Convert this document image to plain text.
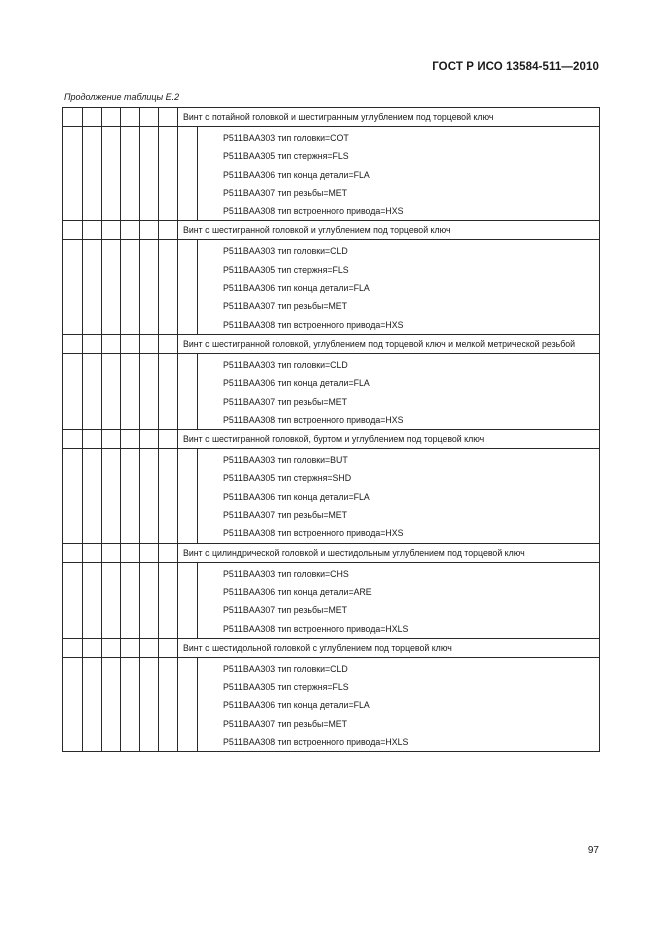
ГОСТ Р ИСО 13584-511—2010
Продолжение таблицы Е.2
						Винт с потайной головкой и шестигранным углублением под торцевой ключ	
							P511BAA303 тип головки=COT
							P511BAA305 тип стержня=FLS
							P511BAA306 тип конца детали=FLA
							P511BAA307 тип резьбы=MET
							P511BAA308 тип встроенного привода=HXS
						Винт с шестигранной головкой и углублением под торцевой ключ	
							P511BAA303 тип головки=CLD
							P511BAA305 тип стержня=FLS
							P511BAA306 тип конца детали=FLA
							P511BAA307 тип резьбы=MET
							P511BAA308 тип встроенного привода=HXS
						Винт с шестигранной головкой, углублением под торцевой ключ и мелкой метрической резьбой	
							P511BAA303 тип головки=CLD
							P511BAA306 тип конца детали=FLA
							P511BAA307 тип резьбы=MET
							P511BAA308 тип встроенного привода=HXS
						Винт с шестигранной головкой, буртом и углублением под торцевой ключ	
							P511BAA303 тип головки=BUT
							P511BAA305 тип стержня=SHD
							P511BAA306 тип конца детали=FLA
							P511BAA307 тип резьбы=MET
							P511BAA308 тип встроенного привода=HXS
						Винт с цилиндрической головкой и шестидольным углублением под торцевой ключ	
							P511BAA303 тип головки=CHS
							P511BAA306 тип конца детали=ARE
							P511BAA307 тип резьбы=MET
							P511BAA308 тип встроенного привода=HXLS
						Винт с шестидольной головкой с углублением под торцевой ключ	
							P511BAA303 тип головки=CLD
							P511BAA305 тип стержня=FLS
							P511BAA306 тип конца детали=FLA
							P511BAA307 тип резьбы=MET
							P511BAA308 тип встроенного привода=HXLS
97
